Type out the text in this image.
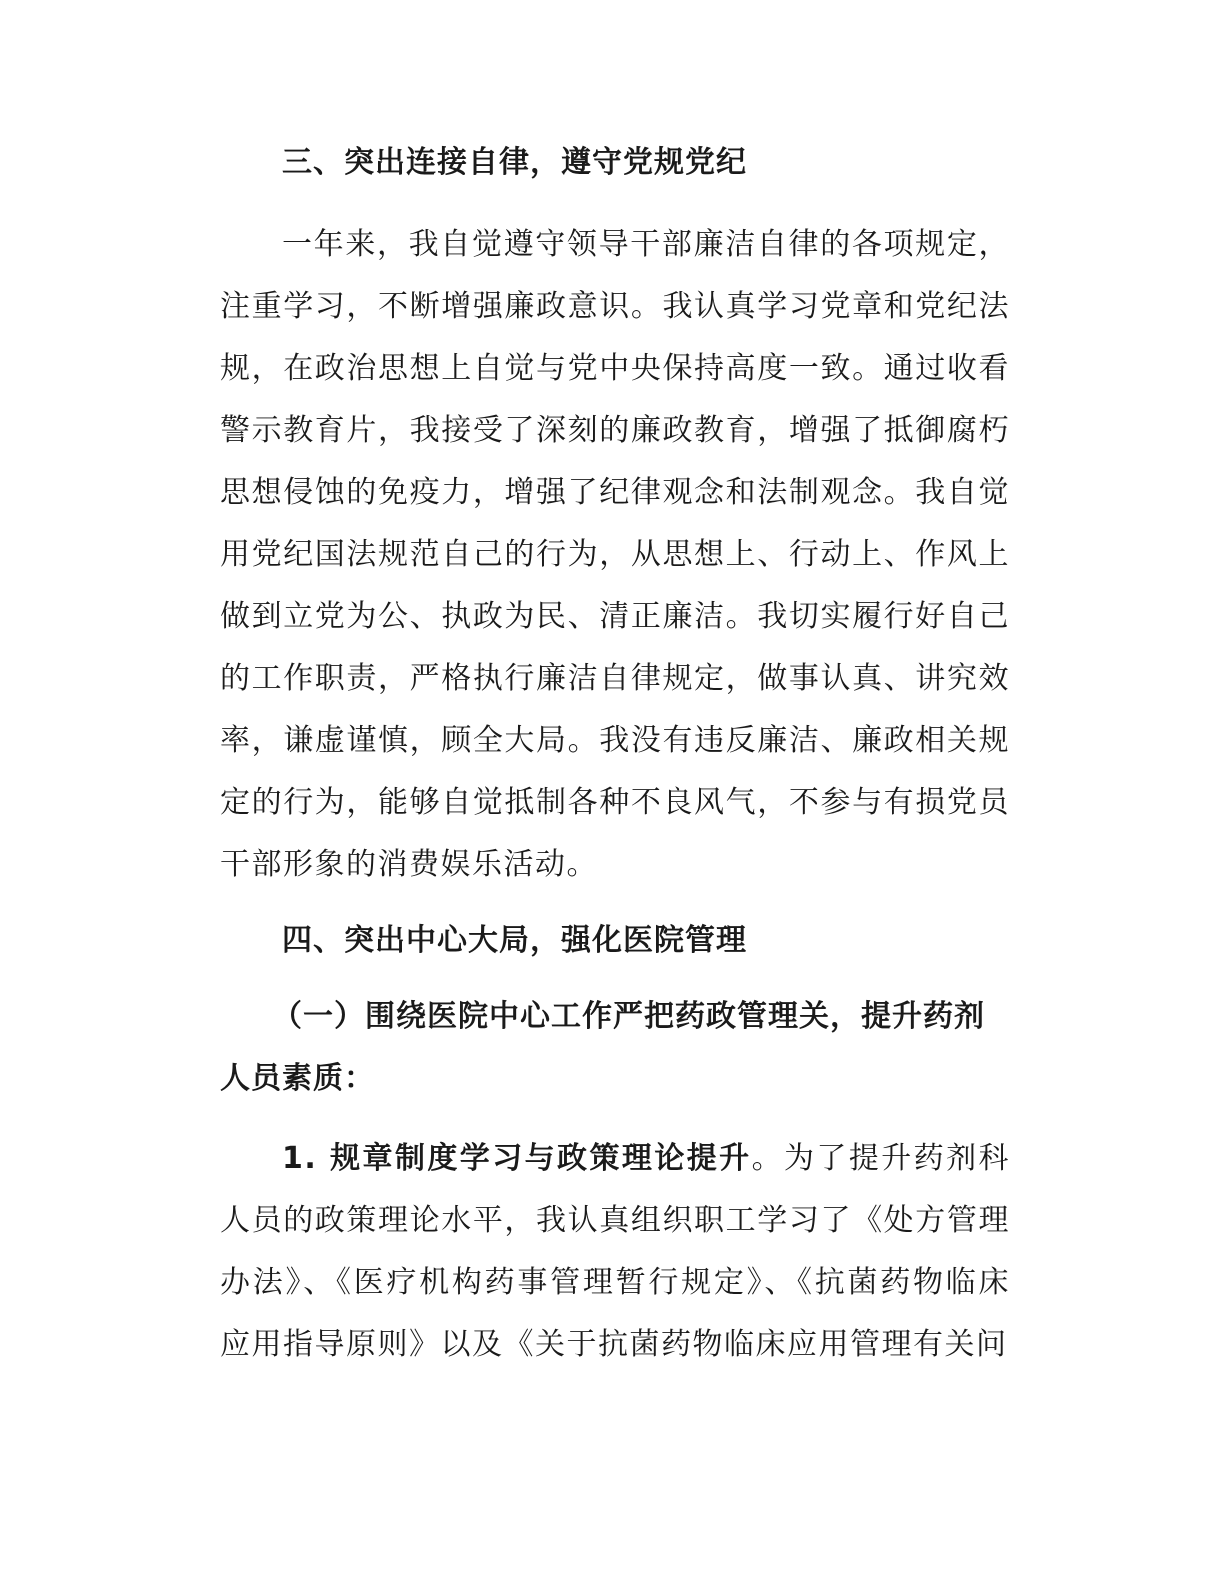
三、突出连接自律，遵守党规党纪

一年来，我自觉遵守领导干部廉洁自律的各项规定，注重学习，不断增强廉政意识。我认真学习党章和党纪法规，在政治思想上自觉与党中央保持高度一致。通过收看警示教育片，我接受了深刻的廉政教育，增强了抵御腐朽思想侵蚀的免疫力，增强了纪律观念和法制观念。我自觉用党纪国法规范自己的行为，从思想上、行动上、作风上做到立党为公、执政为民、清正廉洁。我切实履行好自己的工作职责，严格执行廉洁自律规定，做事认真、讲究效率，谦虚谨慎，顾全大局。我没有违反廉洁、廉政相关规定的行为，能够自觉抵制各种不良风气，不参与有损党员干部形象的消费娱乐活动。

四、突出中心大局，强化医院管理

（一）围绕医院中心工作严把药政管理关，提升药剂人员素质：

1. 规章制度学习与政策理论提升。为了提升药剂科人员的政策理论水平，我认真组织职工学习了《处方管理办法》、《医疗机构药事管理暂行规定》、《抗菌药物临床应用指导原则》以及《关于抗菌药物临床应用管理有关问
